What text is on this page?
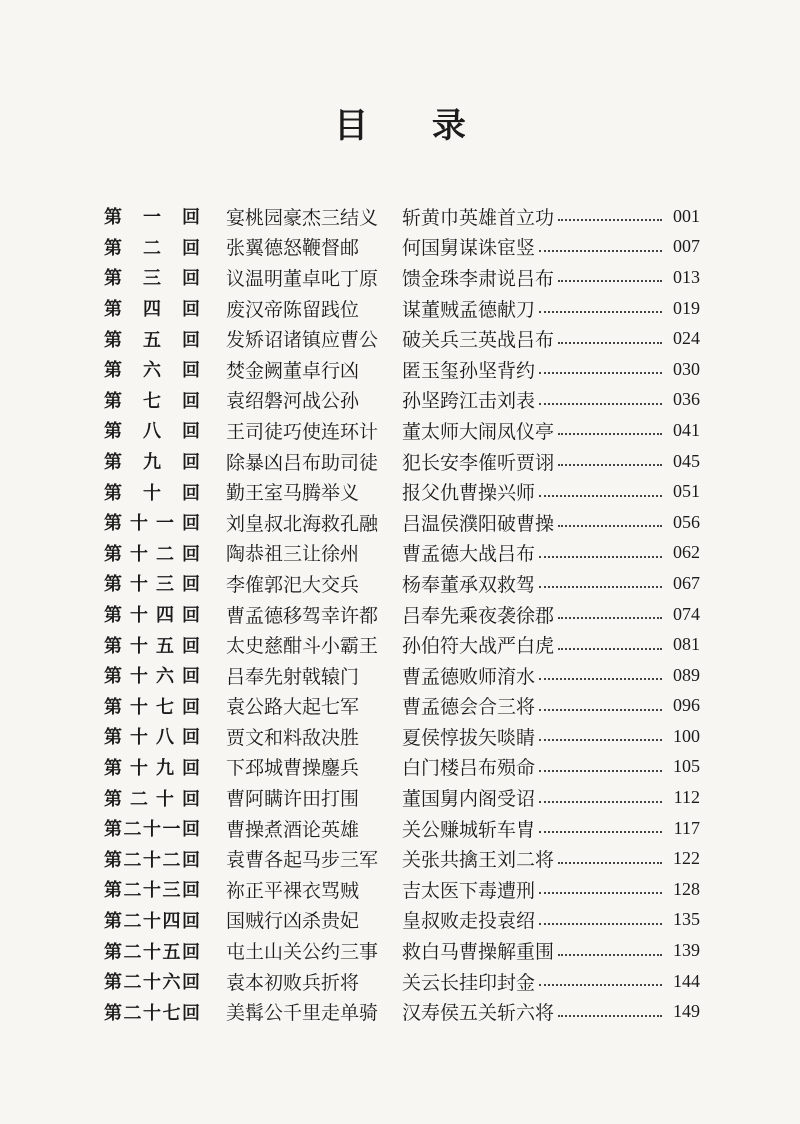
目 录
第一回 宴桃园豪杰三结义	斩黄巾英雄首立功	001
第二回 张翼德怒鞭督邮	何国舅谋诛宦竖	007
第三回 议温明董卓叱丁原	馈金珠李肃说吕布	013
第四回 废汉帝陈留践位	谋董贼孟德献刀	019
第五回 发矫诏诸镇应曹公	破关兵三英战吕布	024
第六回 焚金阙董卓行凶	匿玉玺孙坚背约	030
第七回 袁绍磐河战公孙	孙坚跨江击刘表	036
第八回 王司徒巧使连环计	董太师大闹凤仪亭	041
第九回 除暴凶吕布助司徒	犯长安李傕听贾诩	045
第十回 勤王室马腾举义	报父仇曹操兴师	051
第十一回 刘皇叔北海救孔融	吕温侯濮阳破曹操	056
第十二回 陶恭祖三让徐州	曹孟德大战吕布	062
第十三回 李傕郭汜大交兵	杨奉董承双救驾	067
第十四回 曹孟德移驾幸许都	吕奉先乘夜袭徐郡	074
第十五回 太史慈酣斗小霸王	孙伯符大战严白虎	081
第十六回 吕奉先射戟辕门	曹孟德败师淯水	089
第十七回 袁公路大起七军	曹孟德会合三将	096
第十八回 贾文和料敌决胜	夏侯惇拔矢啖睛	100
第十九回 下邳城曹操鏖兵	白门楼吕布殒命	105
第二十回 曹阿瞒许田打围	董国舅内阁受诏	112
第二十一回 曹操煮酒论英雄	关公赚城斩车胄	117
第二十二回 袁曹各起马步三军	关张共擒王刘二将	122
第二十三回 祢正平裸衣骂贼	吉太医下毒遭刑	128
第二十四回 国贼行凶杀贵妃	皇叔败走投袁绍	135
第二十五回 屯土山关公约三事	救白马曹操解重围	139
第二十六回 袁本初败兵折将	关云长挂印封金	144
第二十七回 美髯公千里走单骑	汉寿侯五关斩六将	149
